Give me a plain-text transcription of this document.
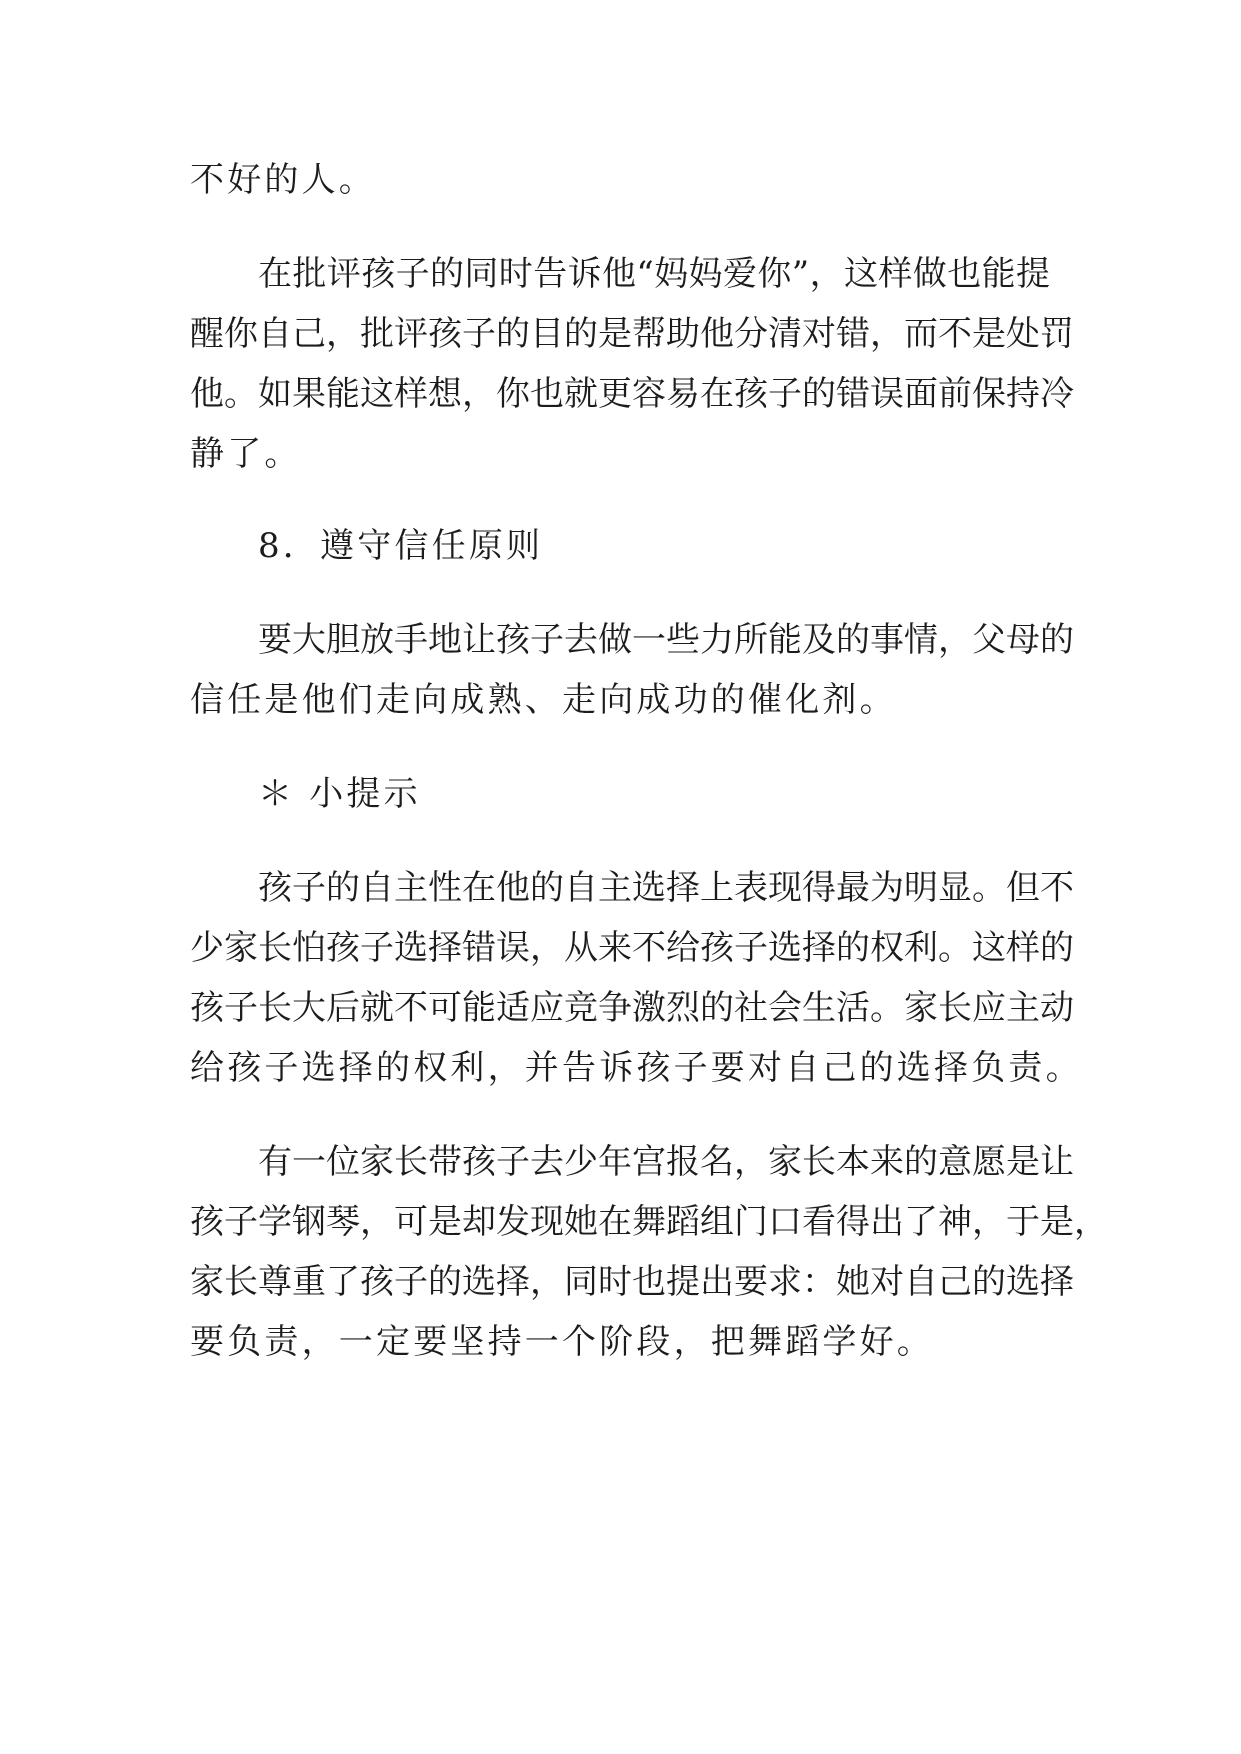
不好的人。
在批评孩子的同时告诉他“妈妈爱你”，这样做也能提
醒你自己，批评孩子的目的是帮助他分清对错，而不是处罚
他。如果能这样想，你也就更容易在孩子的错误面前保持冷
静了。
8．遵守信任原则
要大胆放手地让孩子去做一些力所能及的事情，父母的
信任是他们走向成熟、走向成功的催化剂。
＊ 小提示
孩子的自主性在他的自主选择上表现得最为明显。但不
少家长怕孩子选择错误，从来不给孩子选择的权利。这样的
孩子长大后就不可能适应竞争激烈的社会生活。家长应主动
给孩子选择的权利，并告诉孩子要对自己的选择负责。
有一位家长带孩子去少年宫报名，家长本来的意愿是让
孩子学钢琴，可是却发现她在舞蹈组门口看得出了神，于是，
家长尊重了孩子的选择，同时也提出要求：她对自己的选择
要负责，一定要坚持一个阶段，把舞蹈学好。
